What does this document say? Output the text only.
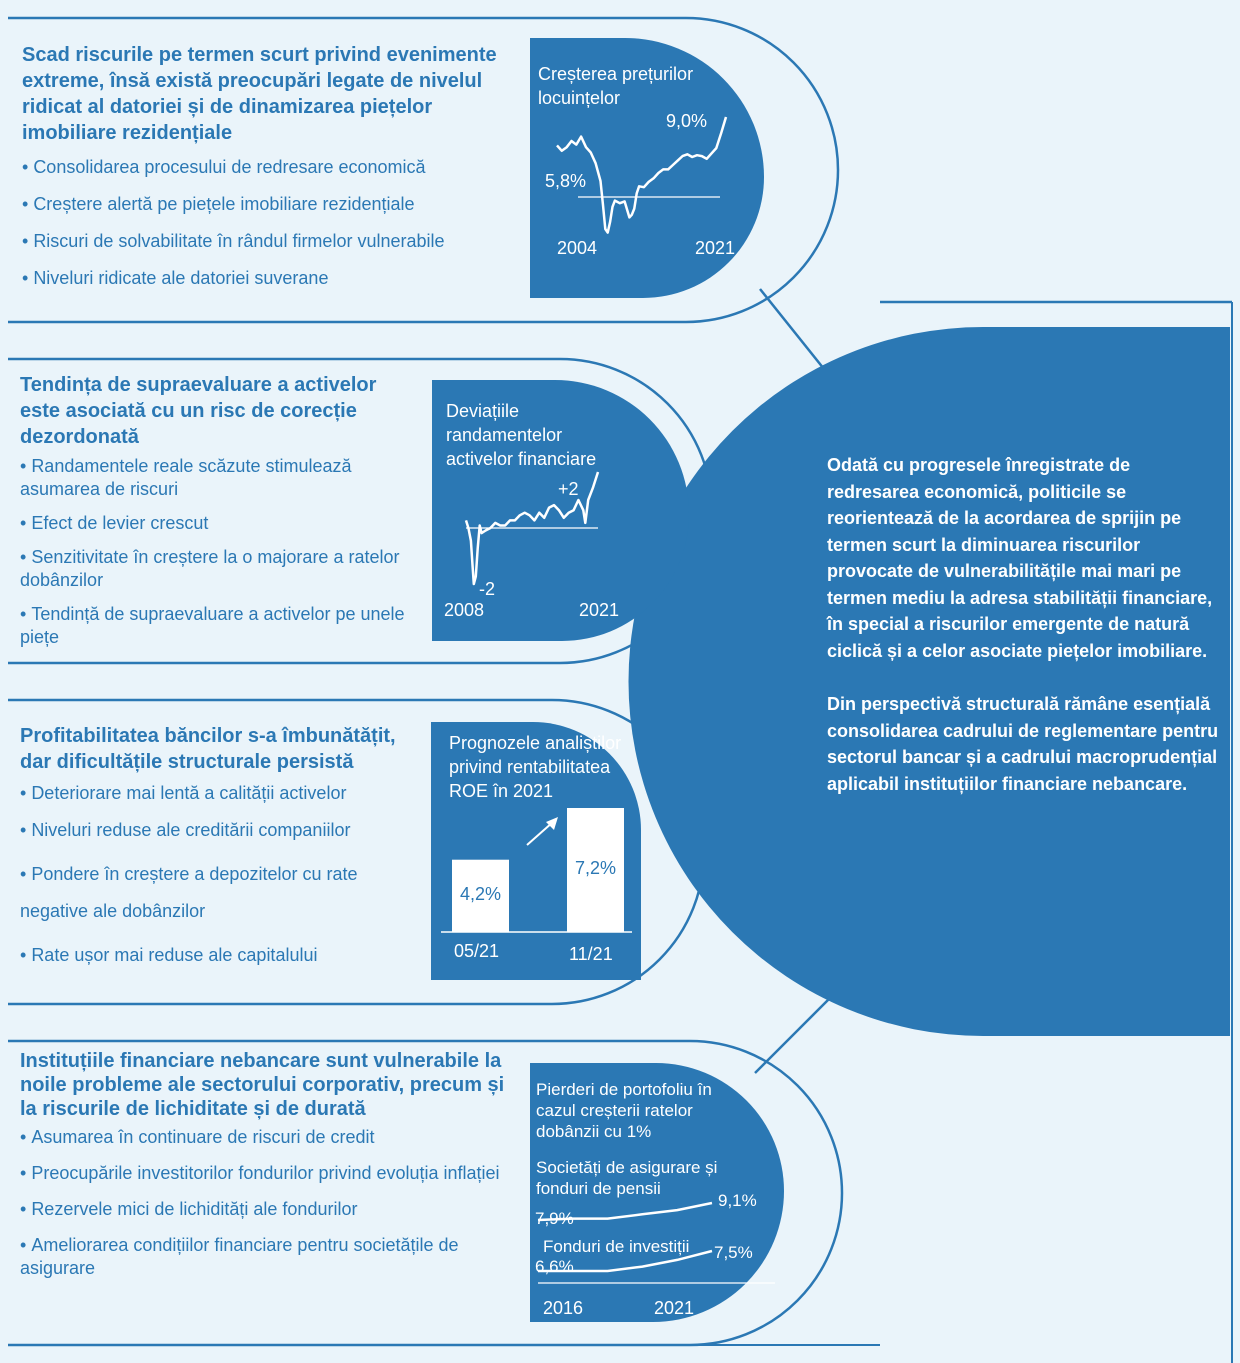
Scad riscurile pe termen scurt privind evenimente extreme, însă există preocupări legate de nivelul ridicat al datoriei și de dinamizarea piețelor imobiliare rezidențiale
• Consolidarea procesului de redresare economică
• Creștere alertă pe piețele imobiliare rezidențiale
• Riscuri de solvabilitate în rândul firmelor vulnerabile
• Niveluri ridicate ale datoriei suverane
Tendința de supraevaluare a activelor este asociată cu un risc de corecție dezordonată
• Randamentele reale scăzute stimulează asumarea de riscuri
• Efect de levier crescut
• Senzitivitate în creștere la o majorare a ratelor dobânzilor
• Tendință de supraevaluare a activelor pe unele piețe
Profitabilitatea băncilor s-a îmbunătățit, dar dificultățile structurale persistă
• Deteriorare mai lentă a calității activelor
• Niveluri reduse ale creditării companiilor
• Pondere în creștere a depozitelor cu rate negative ale dobânzilor
• Rate ușor mai reduse ale capitalului
Instituțiile financiare nebancare sunt vulnerabile la noile probleme ale sectorului corporativ, precum și la riscurile de lichiditate și de durată
• Asumarea în continuare de riscuri de credit
• Preocupările investitorilor fondurilor privind evoluția inflației
• Rezervele mici de lichidități ale fondurilor
• Ameliorarea condițiilor financiare pentru societățile de asigurare
Creșterea prețurilor locuințelor
9,0%
5,8%
2004	2021
Deviațiile randamentelor activelor financiare
+2
-2
2008	2021
Prognozele analiștilor privind rentabilitatea ROE în 2021
4,2%
7,2%
05/21	11/21
Pierderi de portofoliu în cazul creșterii ratelor dobânzii cu 1%
Societăți de asigurare și fonduri de pensii
9,1%
7,9%
Fonduri de investiții 7,5%
6,6%
2016	2021

Odată cu progresele înregistrate de redresarea economică, politicile se reorientează de la acordarea de sprijin pe termen scurt la diminuarea riscurilor provocate de vulnerabilitățile mai mari pe termen mediu la adresa stabilității financiare, în special a riscurilor emergente de natură ciclică și a celor asociate piețelor imobiliare.

Din perspectivă structurală rămâne esențială consolidarea cadrului de reglementare pentru sectorul bancar și a cadrului macroprudențial aplicabil instituțiilor financiare nebancare.
